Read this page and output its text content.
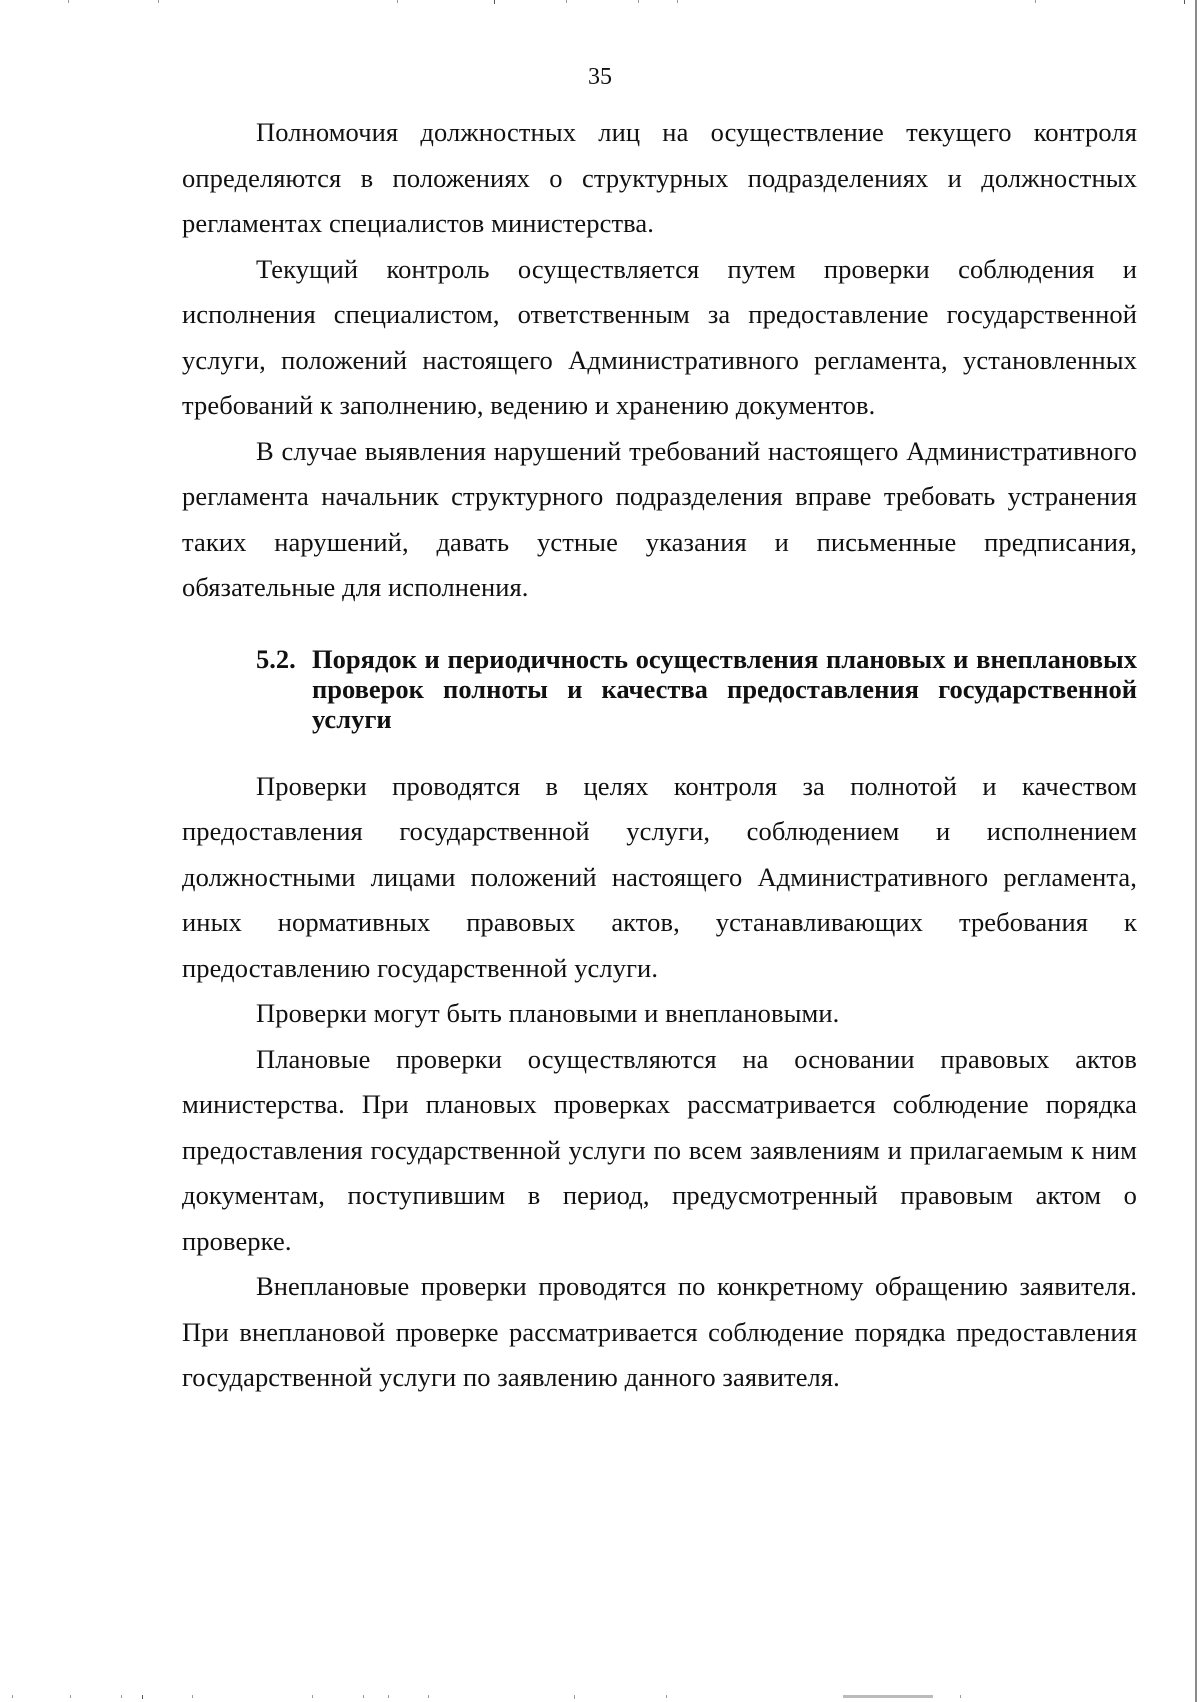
35

Полномочия должностных лиц на осуществление текущего контроля определяются в положениях о структурных подразделениях и должностных регламентах специалистов министерства.

Текущий контроль осуществляется путем проверки соблюдения и исполнения специалистом, ответственным за предоставление государственной услуги, положений настоящего Административного регламента, установленных требований к заполнению, ведению и хранению документов.

В случае выявления нарушений требований настоящего Административного регламента начальник структурного подразделения вправе требовать устранения таких нарушений, давать устные указания и письменные предписания, обязательные для исполнения.

5.2. Порядок и периодичность осуществления плановых и внеплановых проверок полноты и качества предоставления государственной услуги

Проверки проводятся в целях контроля за полнотой и качеством предоставления государственной услуги, соблюдением и исполнением должностными лицами положений настоящего Административного регламента, иных нормативных правовых актов, устанавливающих требования к предоставлению государственной услуги.

Проверки могут быть плановыми и внеплановыми.

Плановые проверки осуществляются на основании правовых актов министерства. При плановых проверках рассматривается соблюдение порядка предоставления государственной услуги по всем заявлениям и прилагаемым к ним документам, поступившим в период, предусмотренный правовым актом о проверке.

Внеплановые проверки проводятся по конкретному обращению заявителя. При внеплановой проверке рассматривается соблюдение порядка предоставления государственной услуги по заявлению данного заявителя.
